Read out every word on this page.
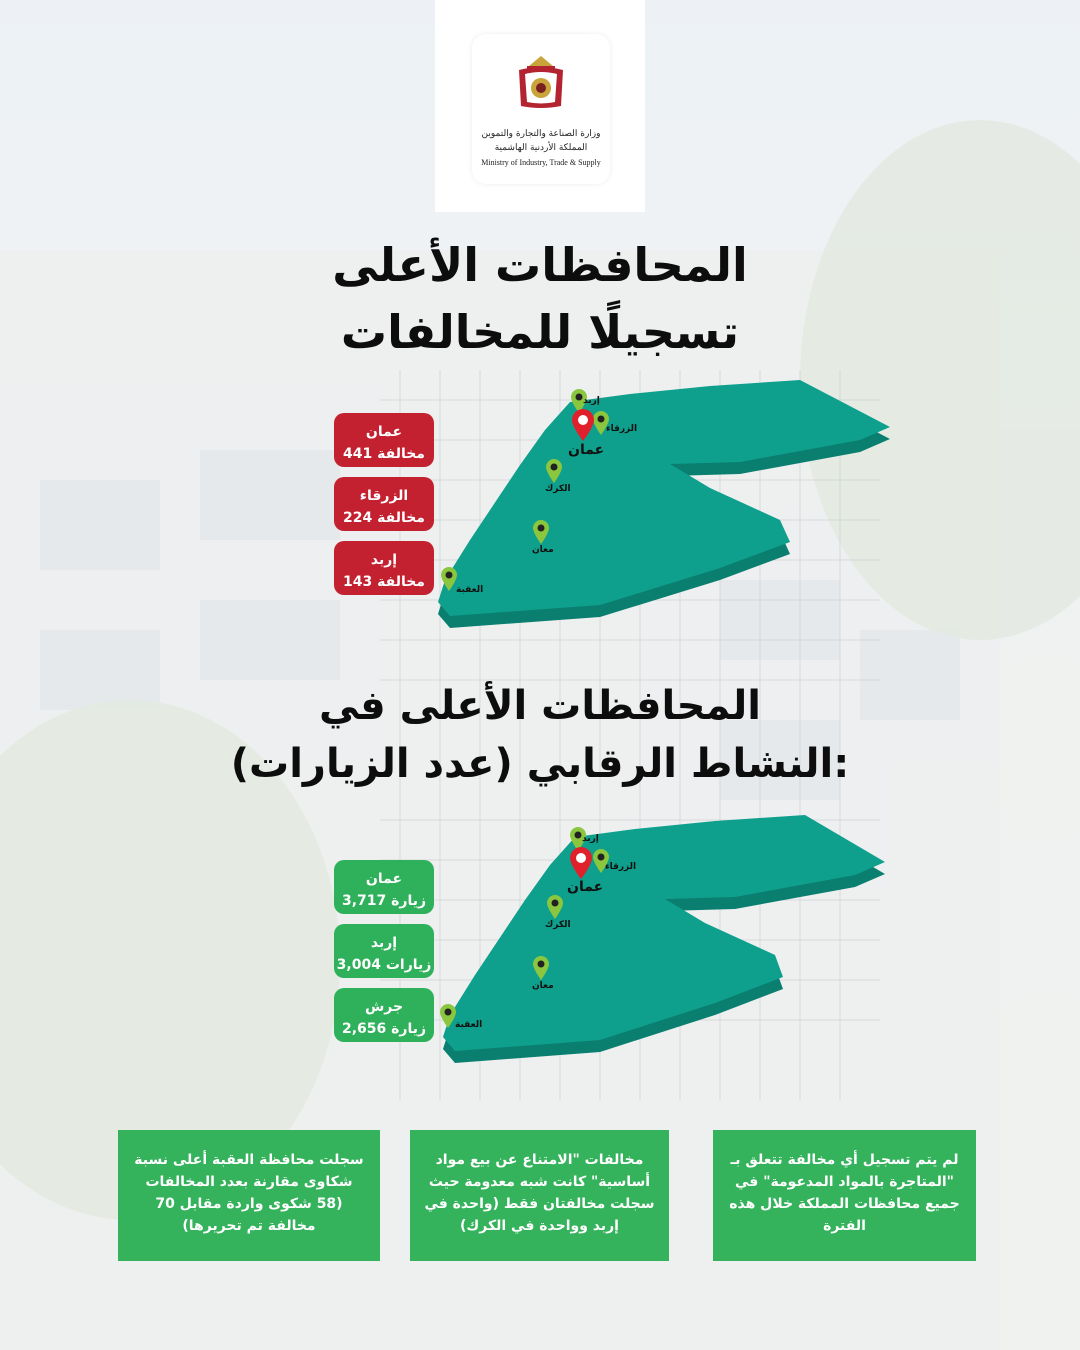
وزارة الصناعة والتجارة والتموين
المملكة الأردنية الهاشمية
Ministry of Industry, Trade & Supply
المحافظات الأعلى
تسجيلًا للمخالفات
إربد
الزرقاء
عمان
الكرك
معان
العقبة
عمان
441 مخالفة
الزرقاء
224 مخالفة
إربد
143 مخالفة
المحافظات الأعلى في
النشاط الرقابي (عدد الزيارات):
إربد
الزرقاء
عمان
الكرك
معان
العقبة
عمان
3,717 زيارة
إربد
3,004 زيارات
جرش
2,656 زيارة
لم يتم تسجيل أي مخالفة تتعلق بـ "المتاجرة بالمواد المدعومة" في جميع محافظات المملكة خلال هذه الفترة
مخالفات "الامتناع عن بيع مواد أساسية" كانت شبه معدومة حيث سجلت مخالفتان فقط (واحدة في إربد وواحدة في الكرك)
سجلت محافظة العقبة أعلى نسبة شكاوى مقارنة بعدد المخالفات (58 شكوى واردة مقابل 70 مخالفة تم تحريرها)
